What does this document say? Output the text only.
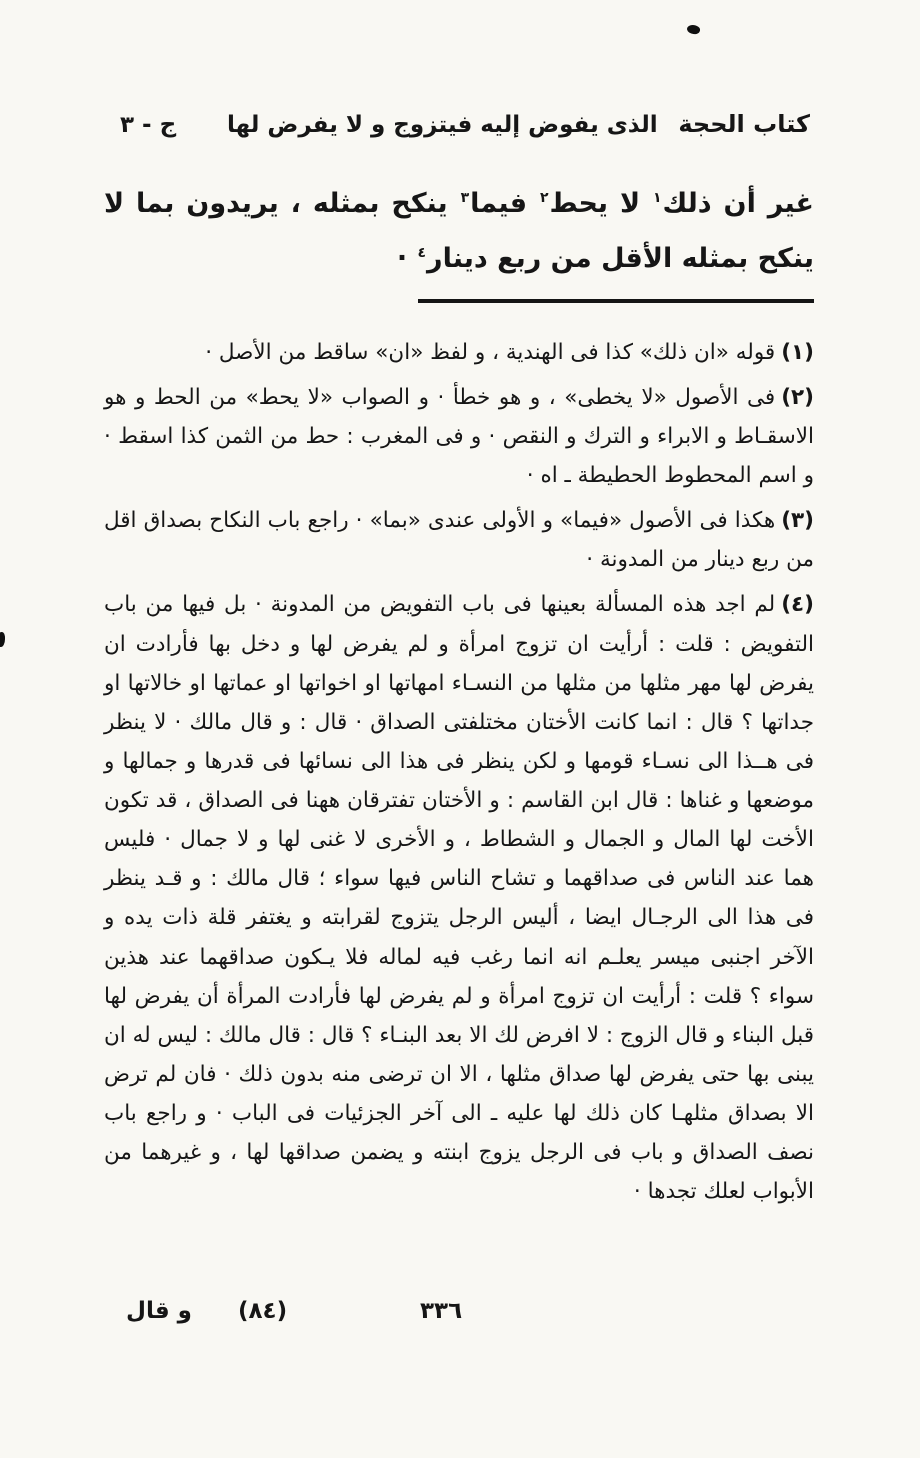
كتاب الحجة
الذى يفوض إليه فيتزوج و لا يفرض لها
ج - ٣

غير أن ذلك$^١$ لا يحط$^٢$ فيما$^٣$ ينكح بمثله ، يريدون بما لا ينكح بمثله الأقل من ربع دينار$^٤$ ·

(١)قوله «ان ذلك» كذا فى الهندية ، و لفظ «ان» ساقط من الأصل ·

(٢)فى الأصول «لا يخطى» ، و هو خطأ · و الصواب «لا يحط» من الحط و هو الاسقـاط و الابراء و الترك و النقص · و فى المغرب : حط من الثمن كذا اسقط · و اسم المحطوط الحطيطة ـ اه ·

(٣)هكذا فى الأصول «فيما» و الأولى عندى «بما» · راجع باب النكاح بصداق اقل من ربع دينار من المدونة ·

(٤)لم اجد هذه المسألة بعينها فى باب التفويض من المدونة · بل فيها من باب التفويض : قلت : أرأيت ان تزوج امرأة و لم يفرض لها و دخل بها فأرادت ان يفرض لها مهر مثلها من مثلها من النسـاء امهاتها او اخواتها او عماتها او خالاتها او جداتها ؟ قال : انما كانت الأختان مختلفتى الصداق · قال : و قال مالك · لا ينظر فى هــذا الى نسـاء قومها و لكن ينظر فى هذا الى نسائها فى قدرها و جمالها و موضعها و غناها : قال ابن القاسم : و الأختان تفترقان ههنا فى الصداق ، قد تكون الأخت لها المال و الجمال و الشطاط ، و الأخرى لا غنى لها و لا جمال · فليس هما عند الناس فى صداقهما و تشاح الناس فيها سواء ؛ قال مالك : و قـد ينظر فى هذا الى الرجـال ايضا ، أليس الرجل يتزوج لقرابته و يغتفر قلة ذات يده و الآخر اجنبى ميسر يعلـم انه انما رغب فيه لماله فلا يـكون صداقهما عند هذين سواء ؟ قلت : أرأيت ان تزوج امرأة و لم يفرض لها فأرادت المرأة أن يفرض لها قبل البناء و قال الزوج : لا افرض لك الا بعد البنـاء ؟ قال : قال مالك : ليس له ان يبنى بها حتى يفرض لها صداق مثلها ، الا ان ترضى منه بدون ذلك · فان لم ترض الا بصداق مثلهـا كان ذلك لها عليه ـ الى آخر الجزئيات فى الباب · و راجع باب نصف الصداق و باب فى الرجل يزوج ابنته و يضمن صداقها لها ، و غيرهما من الأبواب لعلك تجدها ·

و قال (٨٤)	٣٣٦
